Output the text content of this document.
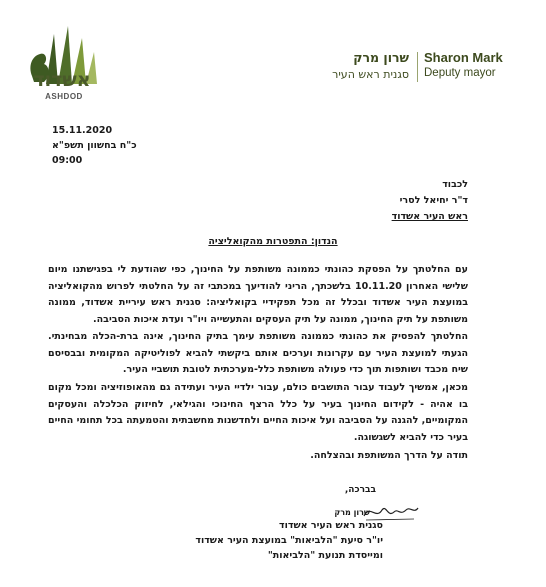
אשדוד
ASHDOD
שרון מרק
סגנית ראש העיר
Sharon Mark
Deputy mayor
15.11.2020
כ"ח בחשוון תשפ"א
09:00
לכבוד
ד"ר יחיאל לסרי
ראש העיר אשדוד
הנדון: התפטרות מהקואליציה
עם החלטתך על הפסקת כהונתי כממונה משותפת על החינוך, כפי שהודעת לי בפגישתנו מיום שלישי האחרון 10.11.20 בלשכתך, הריני להודיעך במכתבי זה על החלטתי לפרוש מהקואליציה במועצת העיר אשדוד ובכלל זה מכל תפקידיי בקואליציה: סגנית ראש עיריית אשדוד, ממונה משותפת על תיק החינוך, ממונה על תיק העסקים והתעשייה ויו"ר ועדת איכות הסביבה.
החלטתך להפסיק את כהונתי כממונה משותפת עימך בתיק החינוך, אינה ברת-הכלה מבחינתי. הגעתי למועצת העיר עם עקרונות וערכים אותם ביקשתי להביא לפוליטיקה המקומית ובבסיסם שיח מכבד ושותפות תוך כדי פעולה משותפת כלל-מערכתית לטובת תושביי העיר.
מכאן, אמשיך לעבוד עבור התושבים כולם, עבור ילדיי העיר ועתידה גם מהאופוזיציה ומכל מקום בו אהיה - לקידום החינוך בעיר על כלל הרצף החינוכי והגילאי, לחיזוק הכלכלה והעסקים המקומיים, להגנה על הסביבה ועל איכות החיים ולחדשנות מחשבתית והטמעתה בכל תחומי החיים בעיר כדי להביא לשגשוגה.
תודה על הדרך המשותפת ובהצלחה.
בברכה,
שרון מרק
סגנית ראש העיר אשדוד
יו"ר סיעת "הלביאות" במועצת העיר אשדוד
ומייסדת תנועת "הלביאות"
